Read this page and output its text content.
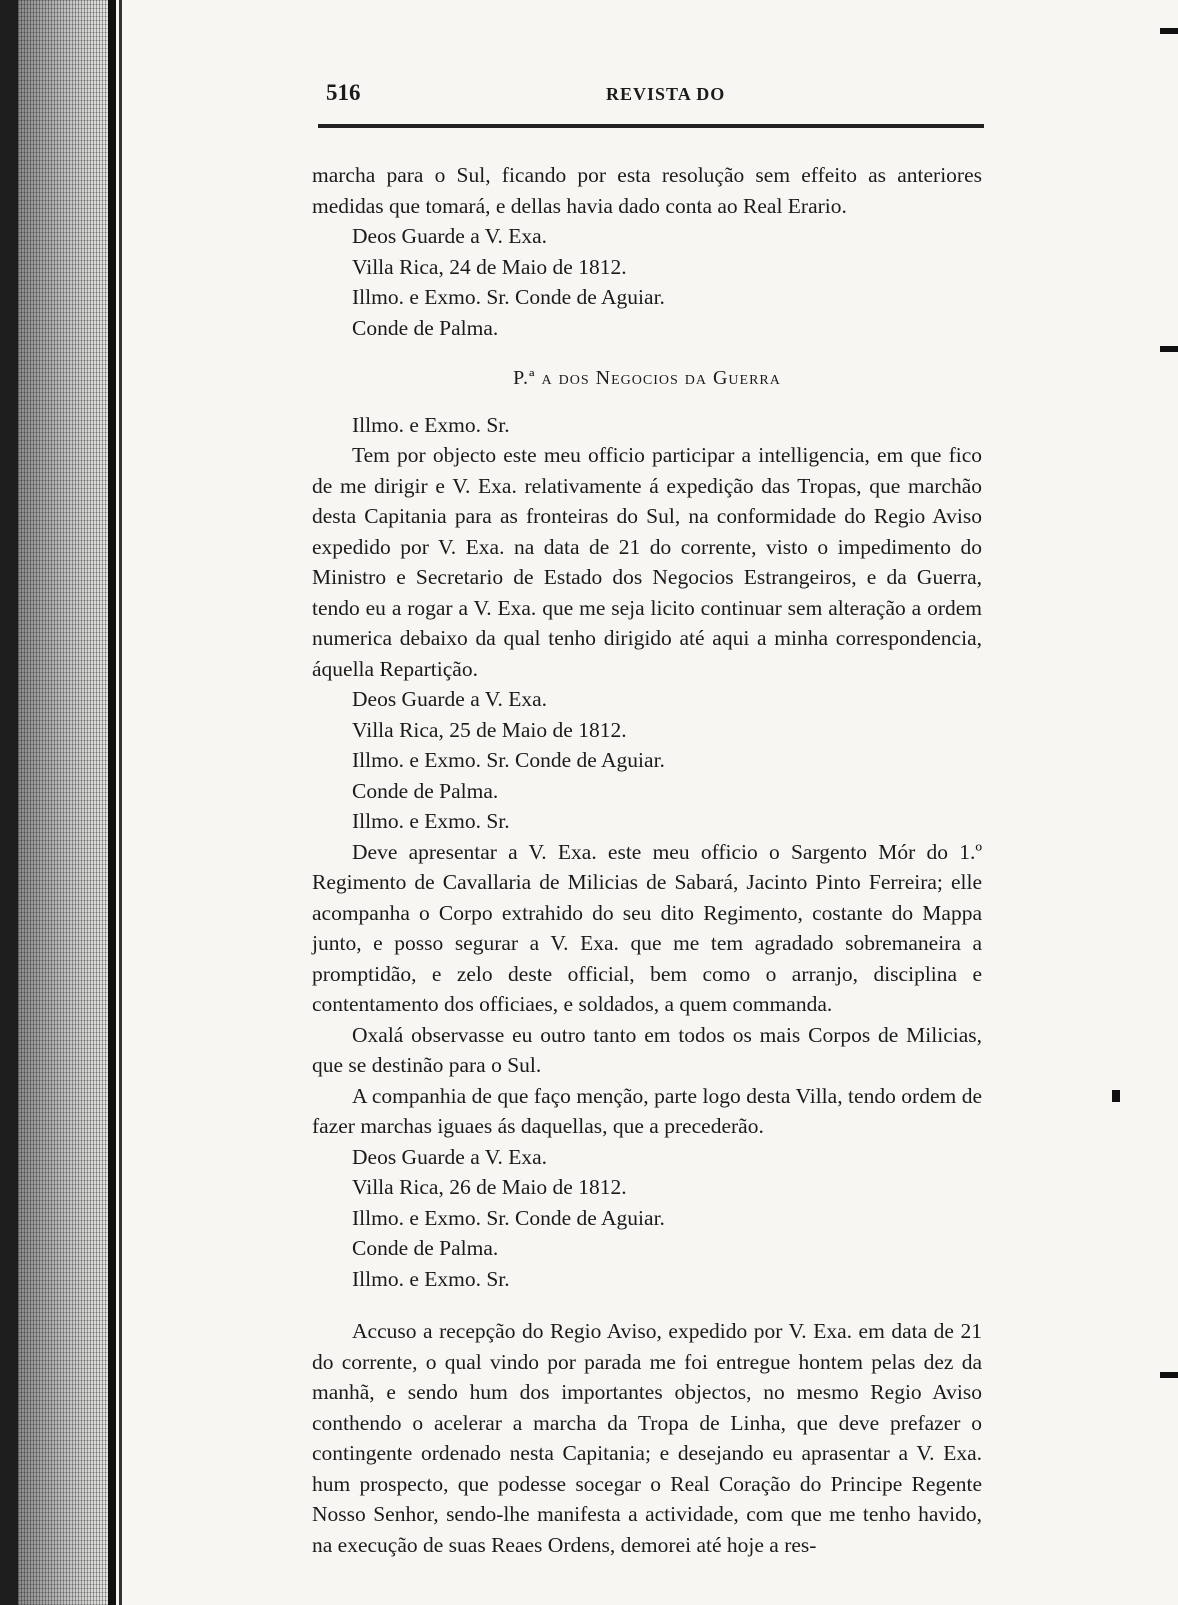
516	REVISTA DO

marcha para o Sul, ficando por esta resolução sem effeito as anteriores medidas que tomará, e dellas havia dado conta ao Real Erario.

Deos Guarde a V. Exa.
Villa Rica, 24 de Maio de 1812.
Illmo. e Exmo. Sr. Conde de Aguiar.
Conde de Palma.
P.ª a dos Negocios da Guerra
Illmo. e Exmo. Sr.

Tem por objecto este meu officio participar a intelligencia, em que fico de me dirigir e V. Exa. relativamente á expedição das Tropas, que marchão desta Capitania para as fronteiras do Sul, na conformidade do Regio Aviso expedido por V. Exa. na data de 21 do corrente, visto o impedimento do Ministro e Secretario de Estado dos Negocios Estrangeiros, e da Guerra, tendo eu a rogar a V. Exa. que me seja licito continuar sem alteração a ordem numerica debaixo da qual tenho dirigido até aqui a minha correspondencia, áquella Repartição.

Deos Guarde a V. Exa.
Villa Rica, 25 de Maio de 1812.
Illmo. e Exmo. Sr. Conde de Aguiar.
Conde de Palma.
Illmo. e Exmo. Sr.

Deve apresentar a V. Exa. este meu officio o Sargento Mór do 1.º Regimento de Cavallaria de Milicias de Sabará, Jacinto Pinto Ferreira; elle acompanha o Corpo extrahido do seu dito Regimento, costante do Mappa junto, e posso segurar a V. Exa. que me tem agradado sobremaneira a promptidão, e zelo deste official, bem como o arranjo, disciplina e contentamento dos officiaes, e soldados, a quem commanda.

Oxalá observasse eu outro tanto em todos os mais Corpos de Milicias, que se destinão para o Sul.

A companhia de que faço menção, parte logo desta Villa, tendo ordem de fazer marchas iguaes ás daquellas, que a precederão.

Deos Guarde a V. Exa.
Villa Rica, 26 de Maio de 1812.
Illmo. e Exmo. Sr. Conde de Aguiar.
Conde de Palma.
Illmo. e Exmo. Sr.

Accuso a recepção do Regio Aviso, expedido por V. Exa. em data de 21 do corrente, o qual vindo por parada me foi entregue hontem pelas dez da manhã, e sendo hum dos importantes objectos, no mesmo Regio Aviso conthendo o acelerar a marcha da Tropa de Linha, que deve prefazer o contingente ordenado nesta Capitania; e desejando eu aprasentar a V. Exa. hum prospecto, que podesse socegar o Real Coração do Principe Regente Nosso Senhor, sendo-lhe manifesta a actividade, com que me tenho havido, na execução de suas Reaes Ordens, demorei até hoje a res-
